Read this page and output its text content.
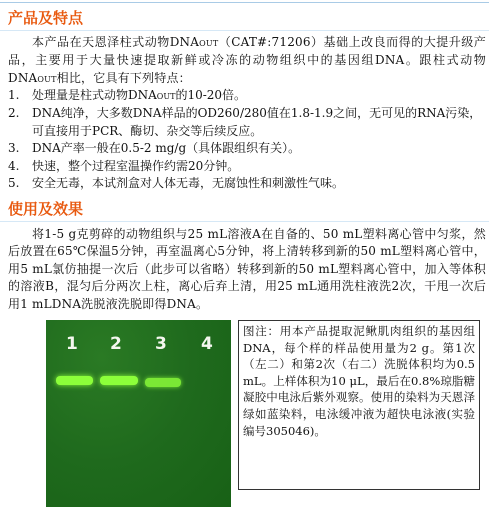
产品及特点
本产品在天恩泽柱式动物DNAOUT（CAT#:71206）基础上改良而得的大提升级产品，主要用于大量快速提取新鲜或冷冻的动物组织中的基因组DNA。跟柱式动物DNAOUT相比，它具有下列特点：
1.	处理量是柱式动物DNAOUT的10-20倍。
2.	DNA纯净，大多数DNA样品的OD260/280值在1.8-1.9之间，无可见的RNA污染，可直接用于PCR、酶切、杂交等后续反应。
3.	DNA产率一般在0.5-2 mg/g（具体跟组织有关）。
4.	快速，整个过程室温操作约需20分钟。
5.	安全无毒，本试剂盒对人体无毒，无腐蚀性和刺激性气味。
使用及效果
将1-5 g克剪碎的动物组织与25 mL溶液A在自备的、50 mL塑料离心管中匀浆，然后放置在65℃保温5分钟，再室温离心5分钟，将上清转移到新的50 mL塑料离心管中，用5 mL氯仿抽提一次后（此步可以省略）转移到新的50 mL塑料离心管中，加入等体积的溶液B，混匀后分两次上柱，离心后弃上清，用25 mL通用洗柱液洗2次，干甩一次后用1 mLDNA洗脱液洗脱即得DNA。
1 2 3 4
图注：用本产品提取泥鳅肌肉组织的基因组DNA，每个样的样品使用量为2 g。第1次（左二）和第2次（右二）洗脱体积均为0.5 mL。上样体积为10 μL，最后在0.8%琼脂糖凝胶中电泳后紫外观察。使用的染料为天恩泽绿如蓝染料，电泳缓冲液为超快电泳液(实验编号305046)。
